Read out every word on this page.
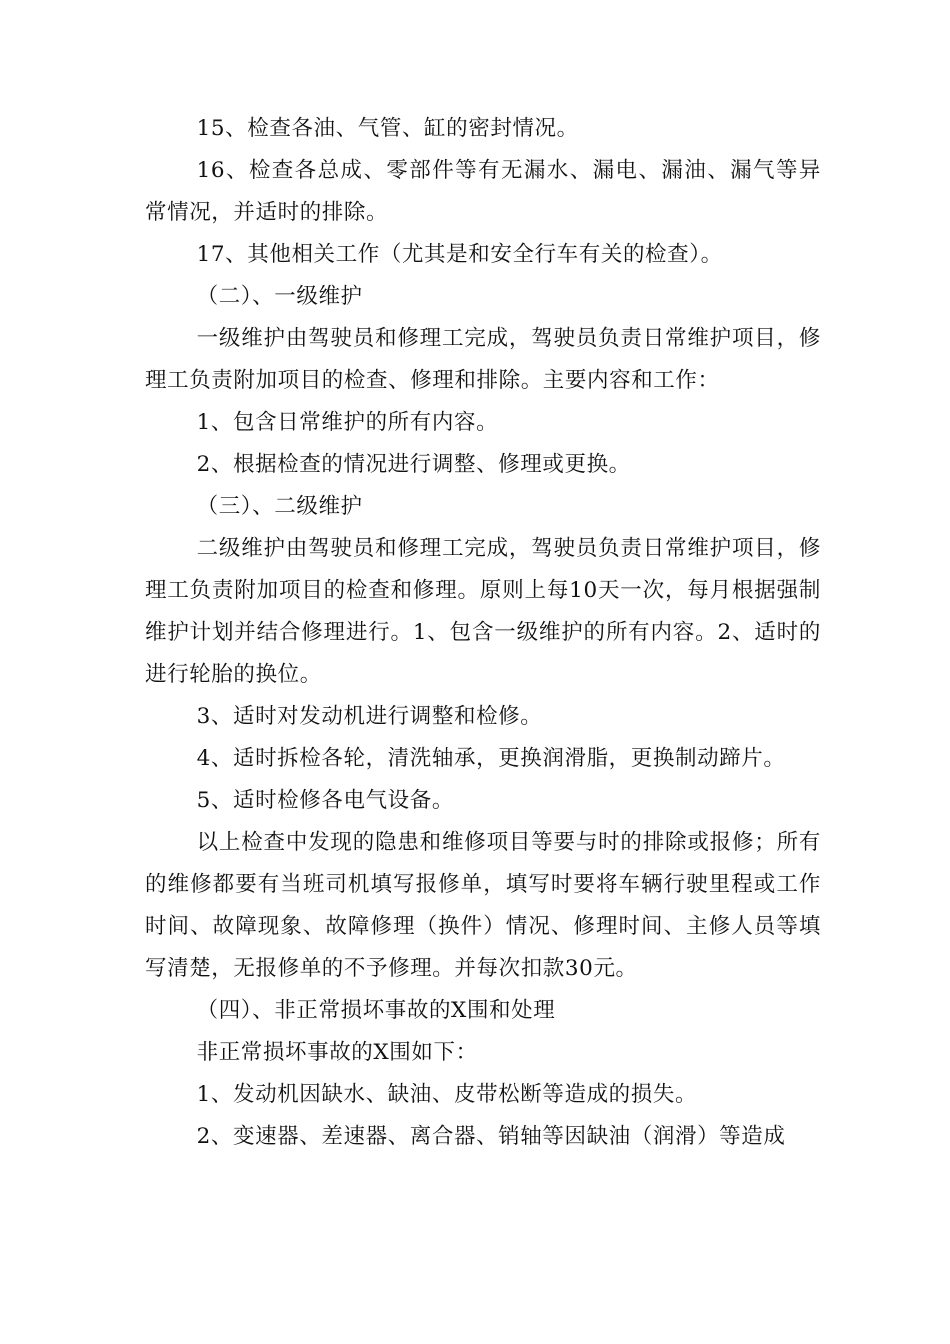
15、检查各油、气管、缸的密封情况。

16、检查各总成、零部件等有无漏水、漏电、漏油、漏气等异常情况，并适时的排除。

17、其他相关工作（尤其是和安全行车有关的检查）。

（二）、一级维护

一级维护由驾驶员和修理工完成，驾驶员负责日常维护项目，修理工负责附加项目的检查、修理和排除。主要内容和工作：

1、包含日常维护的所有内容。

2、根据检查的情况进行调整、修理或更换。

（三）、二级维护

二级维护由驾驶员和修理工完成，驾驶员负责日常维护项目，修理工负责附加项目的检查和修理。原则上每10天一次，每月根据强制维护计划并结合修理进行。1、包含一级维护的所有内容。2、适时的进行轮胎的换位。

3、适时对发动机进行调整和检修。

4、适时拆检各轮，清洗轴承，更换润滑脂，更换制动蹄片。

5、适时检修各电气设备。

以上检查中发现的隐患和维修项目等要与时的排除或报修；所有的维修都要有当班司机填写报修单，填写时要将车辆行驶里程或工作时间、故障现象、故障修理（换件）情况、修理时间、主修人员等填写清楚，无报修单的不予修理。并每次扣款30元。

（四）、非正常损坏事故的X围和处理

非正常损坏事故的X围如下：

1、发动机因缺水、缺油、皮带松断等造成的损失。

2、变速器、差速器、离合器、销轴等因缺油（润滑）等造成
